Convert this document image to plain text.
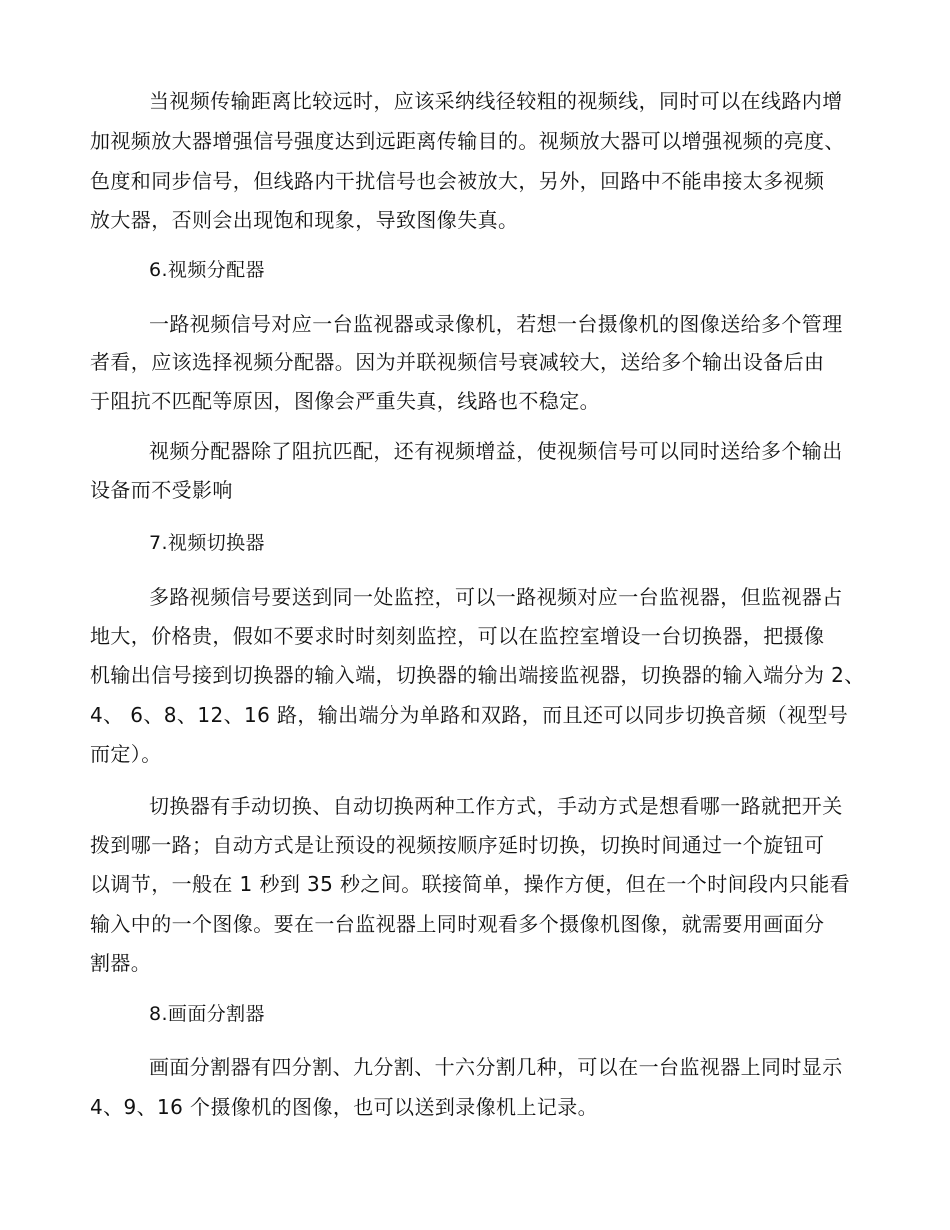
当视频传输距离比较远时，应该采纳线径较粗的视频线，同时可以在线路内增
加视频放大器增强信号强度达到远距离传输目的。视频放大器可以增强视频的亮度、
色度和同步信号，但线路内干扰信号也会被放大，另外，回路中不能串接太多视频
放大器，否则会出现饱和现象，导致图像失真。
6.视频分配器
一路视频信号对应一台监视器或录像机，若想一台摄像机的图像送给多个管理
者看，应该选择视频分配器。因为并联视频信号衰减较大，送给多个输出设备后由
于阻抗不匹配等原因，图像会严重失真，线路也不稳定。
视频分配器除了阻抗匹配，还有视频增益，使视频信号可以同时送给多个输出
设备而不受影响
7.视频切换器
多路视频信号要送到同一处监控，可以一路视频对应一台监视器，但监视器占
地大，价格贵，假如不要求时时刻刻监控，可以在监控室增设一台切换器，把摄像
机输出信号接到切换器的输入端，切换器的输出端接监视器，切换器的输入端分为 2、
4、 6、8、12、16 路，输出端分为单路和双路，而且还可以同步切换音频（视型号
而定）。
切换器有手动切换、自动切换两种工作方式，手动方式是想看哪一路就把开关
拨到哪一路；自动方式是让预设的视频按顺序延时切换，切换时间通过一个旋钮可
以调节，一般在 1 秒到 35 秒之间。联接简单，操作方便，但在一个时间段内只能看
输入中的一个图像。要在一台监视器上同时观看多个摄像机图像，就需要用画面分
割器。
8.画面分割器
画面分割器有四分割、九分割、十六分割几种，可以在一台监视器上同时显示
4、9、16 个摄像机的图像，也可以送到录像机上记录。
